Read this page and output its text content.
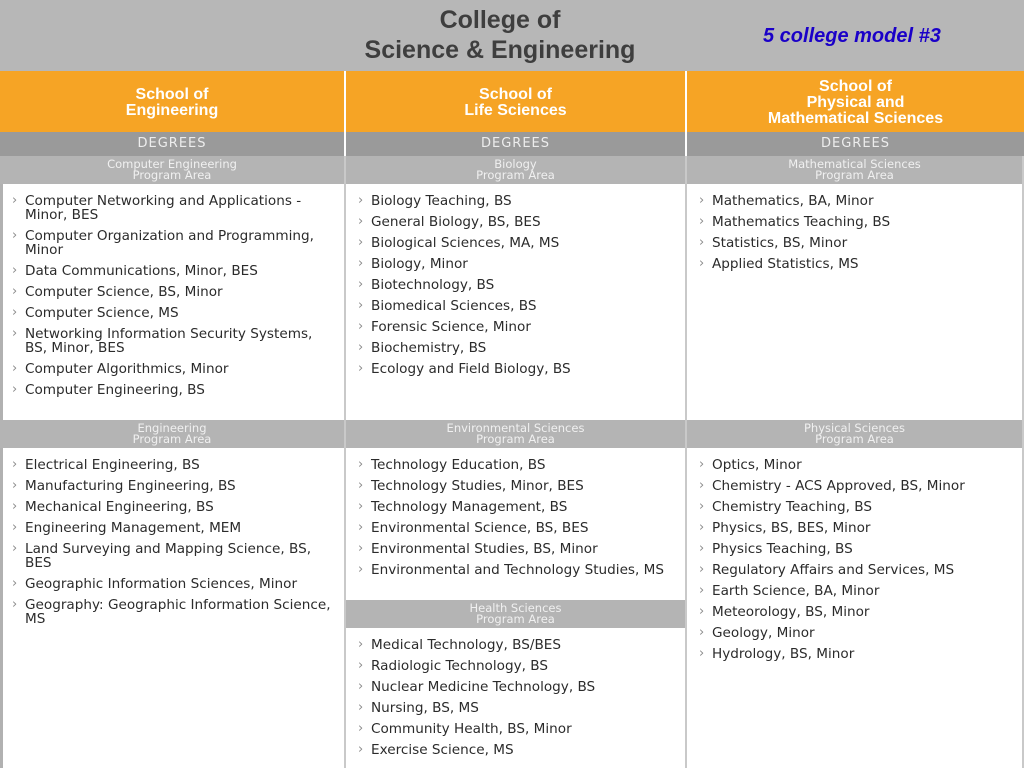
College of
Science & Engineering	5 college model #3
School of
Engineering
School of
Life Sciences
School of
Physical and
Mathematical Sciences
DEGREES	DEGREES	DEGREES
Computer Engineering
Program Area
› Computer Networking and Applications - Minor, BES
› Computer Organization and Programming, Minor
› Data Communications, Minor, BES
› Computer Science, BS, Minor
› Computer Science, MS
› Networking Information Security Systems, BS, Minor, BES
› Computer Algorithmics, Minor
› Computer Engineering, BS
Engineering
Program Area
› Electrical Engineering, BS
› Manufacturing Engineering, BS
› Mechanical Engineering, BS
› Engineering Management, MEM
› Land Surveying and Mapping Science, BS, BES
› Geographic Information Sciences, Minor
› Geography: Geographic Information Science, MS
Biology
Program Area
› Biology Teaching, BS
› General Biology, BS, BES
› Biological Sciences, MA, MS
› Biology, Minor
› Biotechnology, BS
› Biomedical Sciences, BS
› Forensic Science, Minor
› Biochemistry, BS
› Ecology and Field Biology, BS
Environmental Sciences
Program Area
› Technology Education, BS
› Technology Studies, Minor, BES
› Technology Management, BS
› Environmental Science, BS, BES
› Environmental Studies, BS, Minor
› Environmental and Technology Studies, MS
Health Sciences
Program Area
› Medical Technology, BS/BES
› Radiologic Technology, BS
› Nuclear Medicine Technology, BS
› Nursing, BS, MS
› Community Health, BS, Minor
› Exercise Science, MS
Mathematical Sciences
Program Area
› Mathematics, BA, Minor
› Mathematics Teaching, BS
› Statistics, BS, Minor
› Applied Statistics, MS
Physical Sciences
Program Area
› Optics, Minor
› Chemistry - ACS Approved, BS, Minor
› Chemistry Teaching, BS
› Physics, BS, BES, Minor
› Physics Teaching, BS
› Regulatory Affairs and Services, MS
› Earth Science, BA, Minor
› Meteorology, BS, Minor
› Geology, Minor
› Hydrology, BS, Minor
